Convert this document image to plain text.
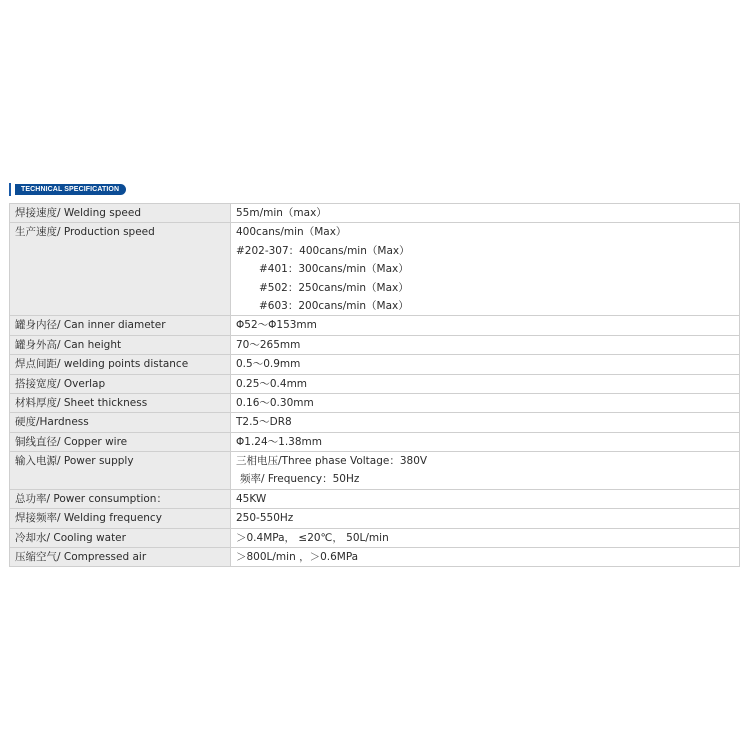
TECHNICAL SPECIFICATION
焊接速度/ Welding speed	55m/min（max）

生产速度/ Production speed	400cans/min（Max）
#202-307：400cans/min（Max）
#401：300cans/min（Max）
#502：250cans/min（Max）
#603：200cans/min（Max）

罐身内径/ Can inner diameter	Φ52～Φ153mm

罐身外高/ Can height	70～265mm

焊点间距/ welding points distance	0.5～0.9mm

搭接宽度/ Overlap	0.25～0.4mm

材料厚度/ Sheet thickness	0.16～0.30mm

硬度/Hardness	T2.5～DR8

铜线直径/ Copper wire	Φ1.24～1.38mm

输入电源/ Power supply	三相电压/Three phase Voltage：380V
频率/ Frequency：50Hz

总功率/ Power consumption：	45KW

焊接频率/ Welding frequency	250-550Hz

冷却水/ Cooling water	＞0.4MPa， ≤20℃， 50L/min

压缩空气/ Compressed air	＞800L/min ，＞0.6MPa
